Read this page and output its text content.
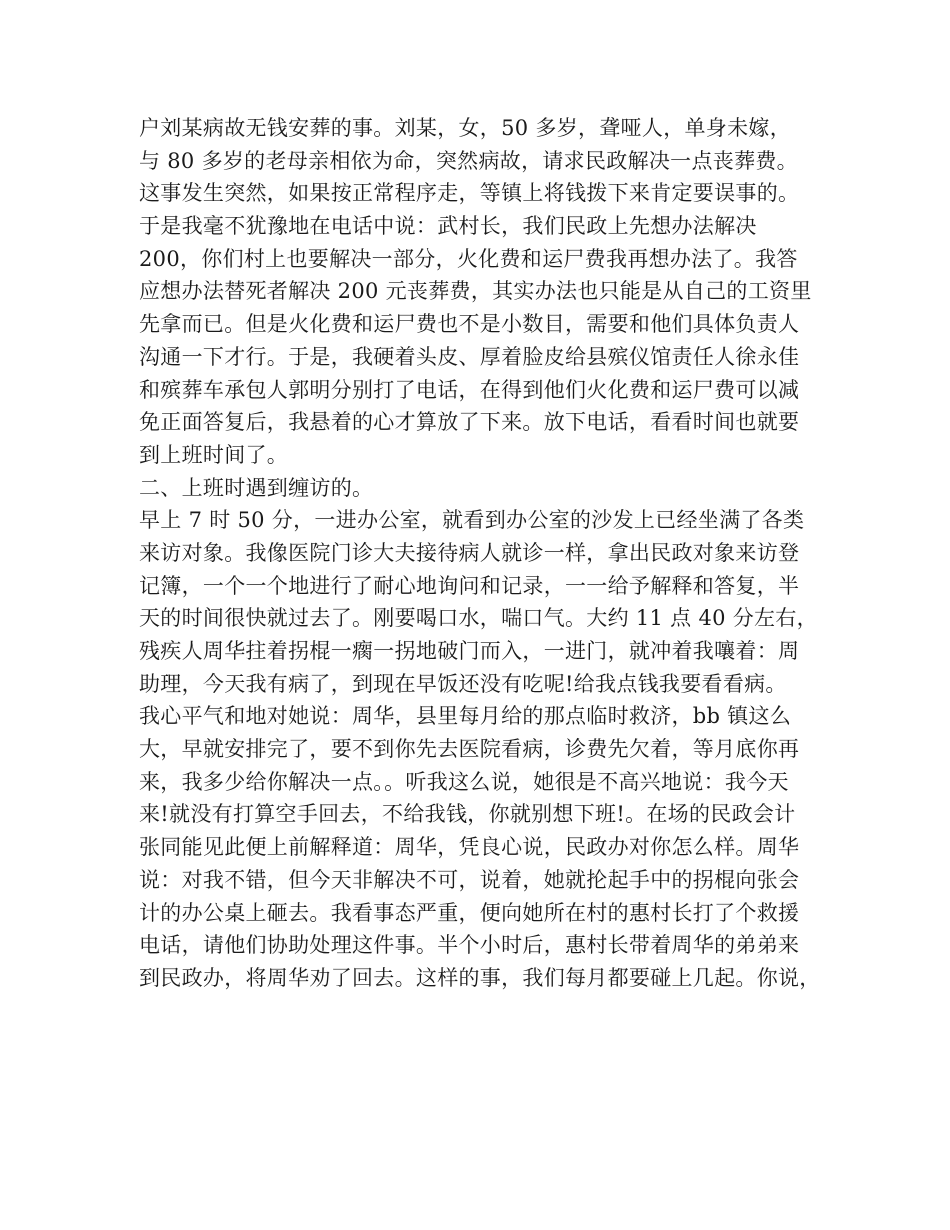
户刘某病故无钱安葬的事。刘某，女，50 多岁，聋哑人，单身未嫁，
与 80 多岁的老母亲相依为命，突然病故，请求民政解决一点丧葬费。
这事发生突然，如果按正常程序走，等镇上将钱拨下来肯定要误事的。
于是我毫不犹豫地在电话中说：武村长，我们民政上先想办法解决
200，你们村上也要解决一部分，火化费和运尸费我再想办法了。我答
应想办法替死者解决 200 元丧葬费，其实办法也只能是从自己的工资里
先拿而已。但是火化费和运尸费也不是小数目，需要和他们具体负责人
沟通一下才行。于是，我硬着头皮、厚着脸皮给县殡仪馆责任人徐永佳
和殡葬车承包人郭明分别打了电话，在得到他们火化费和运尸费可以减
免正面答复后，我悬着的心才算放了下来。放下电话，看看时间也就要
到上班时间了。
二、上班时遇到缠访的。
早上 7 时 50 分，一进办公室，就看到办公室的沙发上已经坐满了各类
来访对象。我像医院门诊大夫接待病人就诊一样，拿出民政对象来访登
记簿，一个一个地进行了耐心地询问和记录，一一给予解释和答复，半
天的时间很快就过去了。刚要喝口水，喘口气。大约 11 点 40 分左右，
残疾人周华拄着拐棍一瘸一拐地破门而入，一进门，就冲着我嚷着：周
助理，今天我有病了，到现在早饭还没有吃呢!给我点钱我要看看病。
我心平气和地对她说：周华，县里每月给的那点临时救济，bb 镇这么
大，早就安排完了，要不到你先去医院看病，诊费先欠着，等月底你再
来，我多少给你解决一点。。听我这么说，她很是不高兴地说：我今天
来!就没有打算空手回去，不给我钱，你就别想下班!。在场的民政会计
张同能见此便上前解释道：周华，凭良心说，民政办对你怎么样。周华
说：对我不错，但今天非解决不可，说着，她就抡起手中的拐棍向张会
计的办公桌上砸去。我看事态严重，便向她所在村的惠村长打了个救援
电话，请他们协助处理这件事。半个小时后，惠村长带着周华的弟弟来
到民政办，将周华劝了回去。这样的事，我们每月都要碰上几起。你说，
